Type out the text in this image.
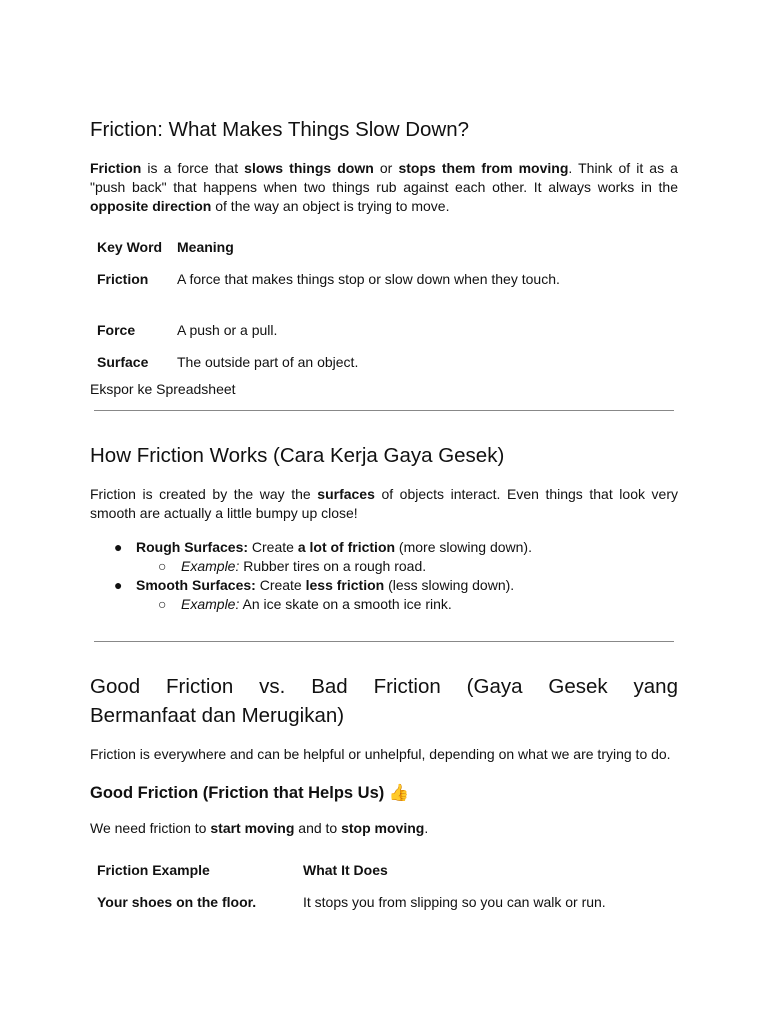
Friction: What Makes Things Slow Down?

Friction is a force that slows things down or stops them from moving. Think of it as a "push back" that happens when two things rub against each other. It always works in the opposite direction of the way an object is trying to move.

Key Word	Meaning
Friction	A force that makes things stop or slow down when they touch.
Force	A push or a pull.
Surface	The outside part of an object.
Ekspor ke Spreadsheet
How Friction Works (Cara Kerja Gaya Gesek)

Friction is created by the way the surfaces of objects interact. Even things that look very smooth are actually a little bumpy up close!

● Rough Surfaces: Create a lot of friction (more slowing down).
○ Example: Rubber tires on a rough road.
● Smooth Surfaces: Create less friction (less slowing down).
○ Example: An ice skate on a smooth ice rink.
Good Friction vs. Bad Friction (Gaya Gesek yang
Bermanfaat dan Merugikan)

Friction is everywhere and can be helpful or unhelpful, depending on what we are trying to do.

Good Friction (Friction that Helps Us) 👍

We need friction to start moving and to stop moving.

Friction Example	What It Does
Your shoes on the floor.	It stops you from slipping so you can walk or run.
